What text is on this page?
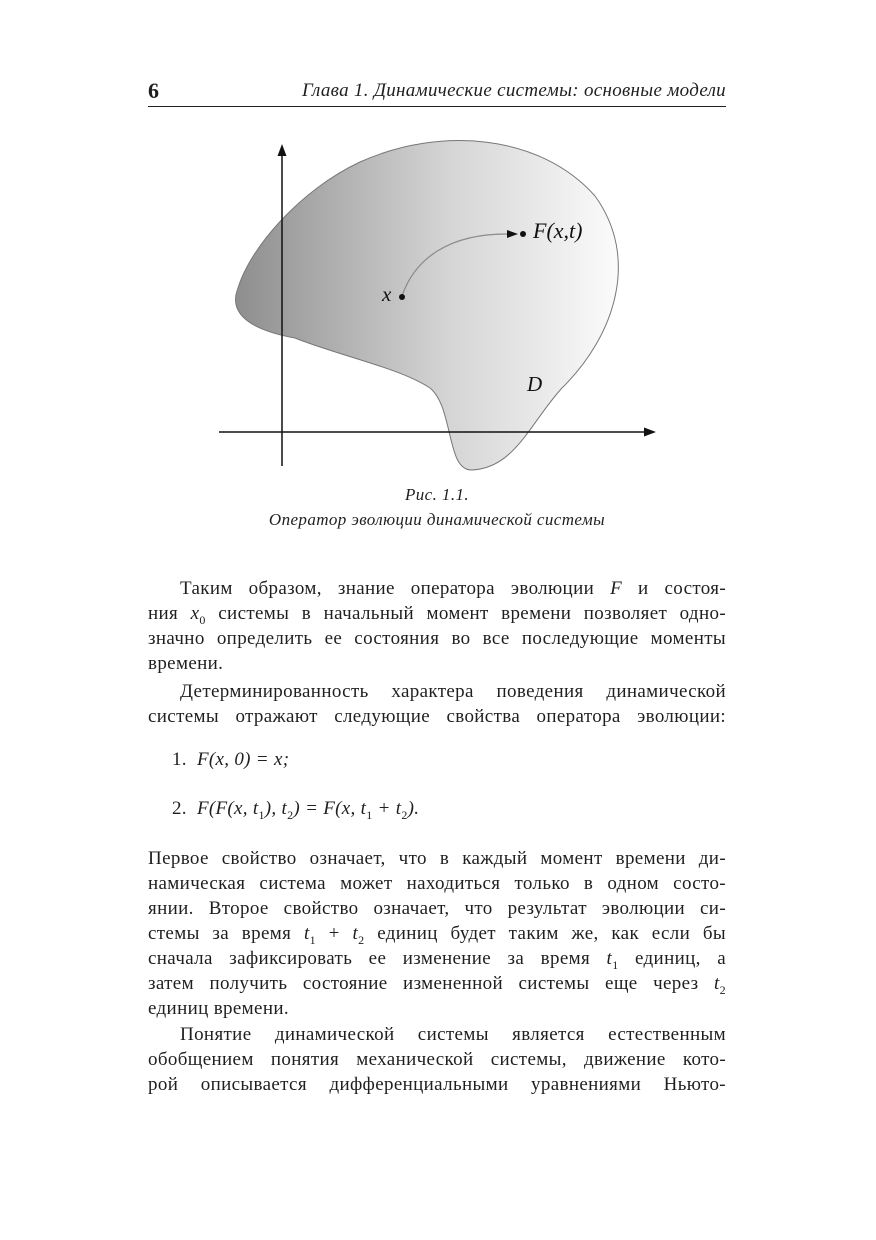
6	Глава 1. Динамические системы: основные модели
x
F(x,t)
D
Рис. 1.1.
Оператор эволюции динамической системы
Таким образом, знание оператора эволюции F и состоя-
ния $x_0$ системы в начальный момент времени позволяет одно-
значно определить ее состояния во все последующие моменты
времени.
Детерминированность характера поведения динамической
системы отражают следующие свойства оператора эволюции:
1. F(x, 0) = x;
2. F(F(x, $t_1$), $t_2) = F(x$, $t_1 + t_2$).
Первое свойство означает, что в каждый момент времени ди-
намическая система может находиться только в одном состо-
янии. Второе свойство означает, что результат эволюции си-
стемы за время $t_1 + t_2$ единиц будет таким же, как если бы
сначала зафиксировать ее изменение за время $t_1$ единиц, а
затем получить состояние измененной системы еще через $t_2$
единиц времени.
Понятие динамической системы является естественным
обобщением понятия механической системы, движение кото-
рой описывается дифференциальными уравнениями Ньюто-
